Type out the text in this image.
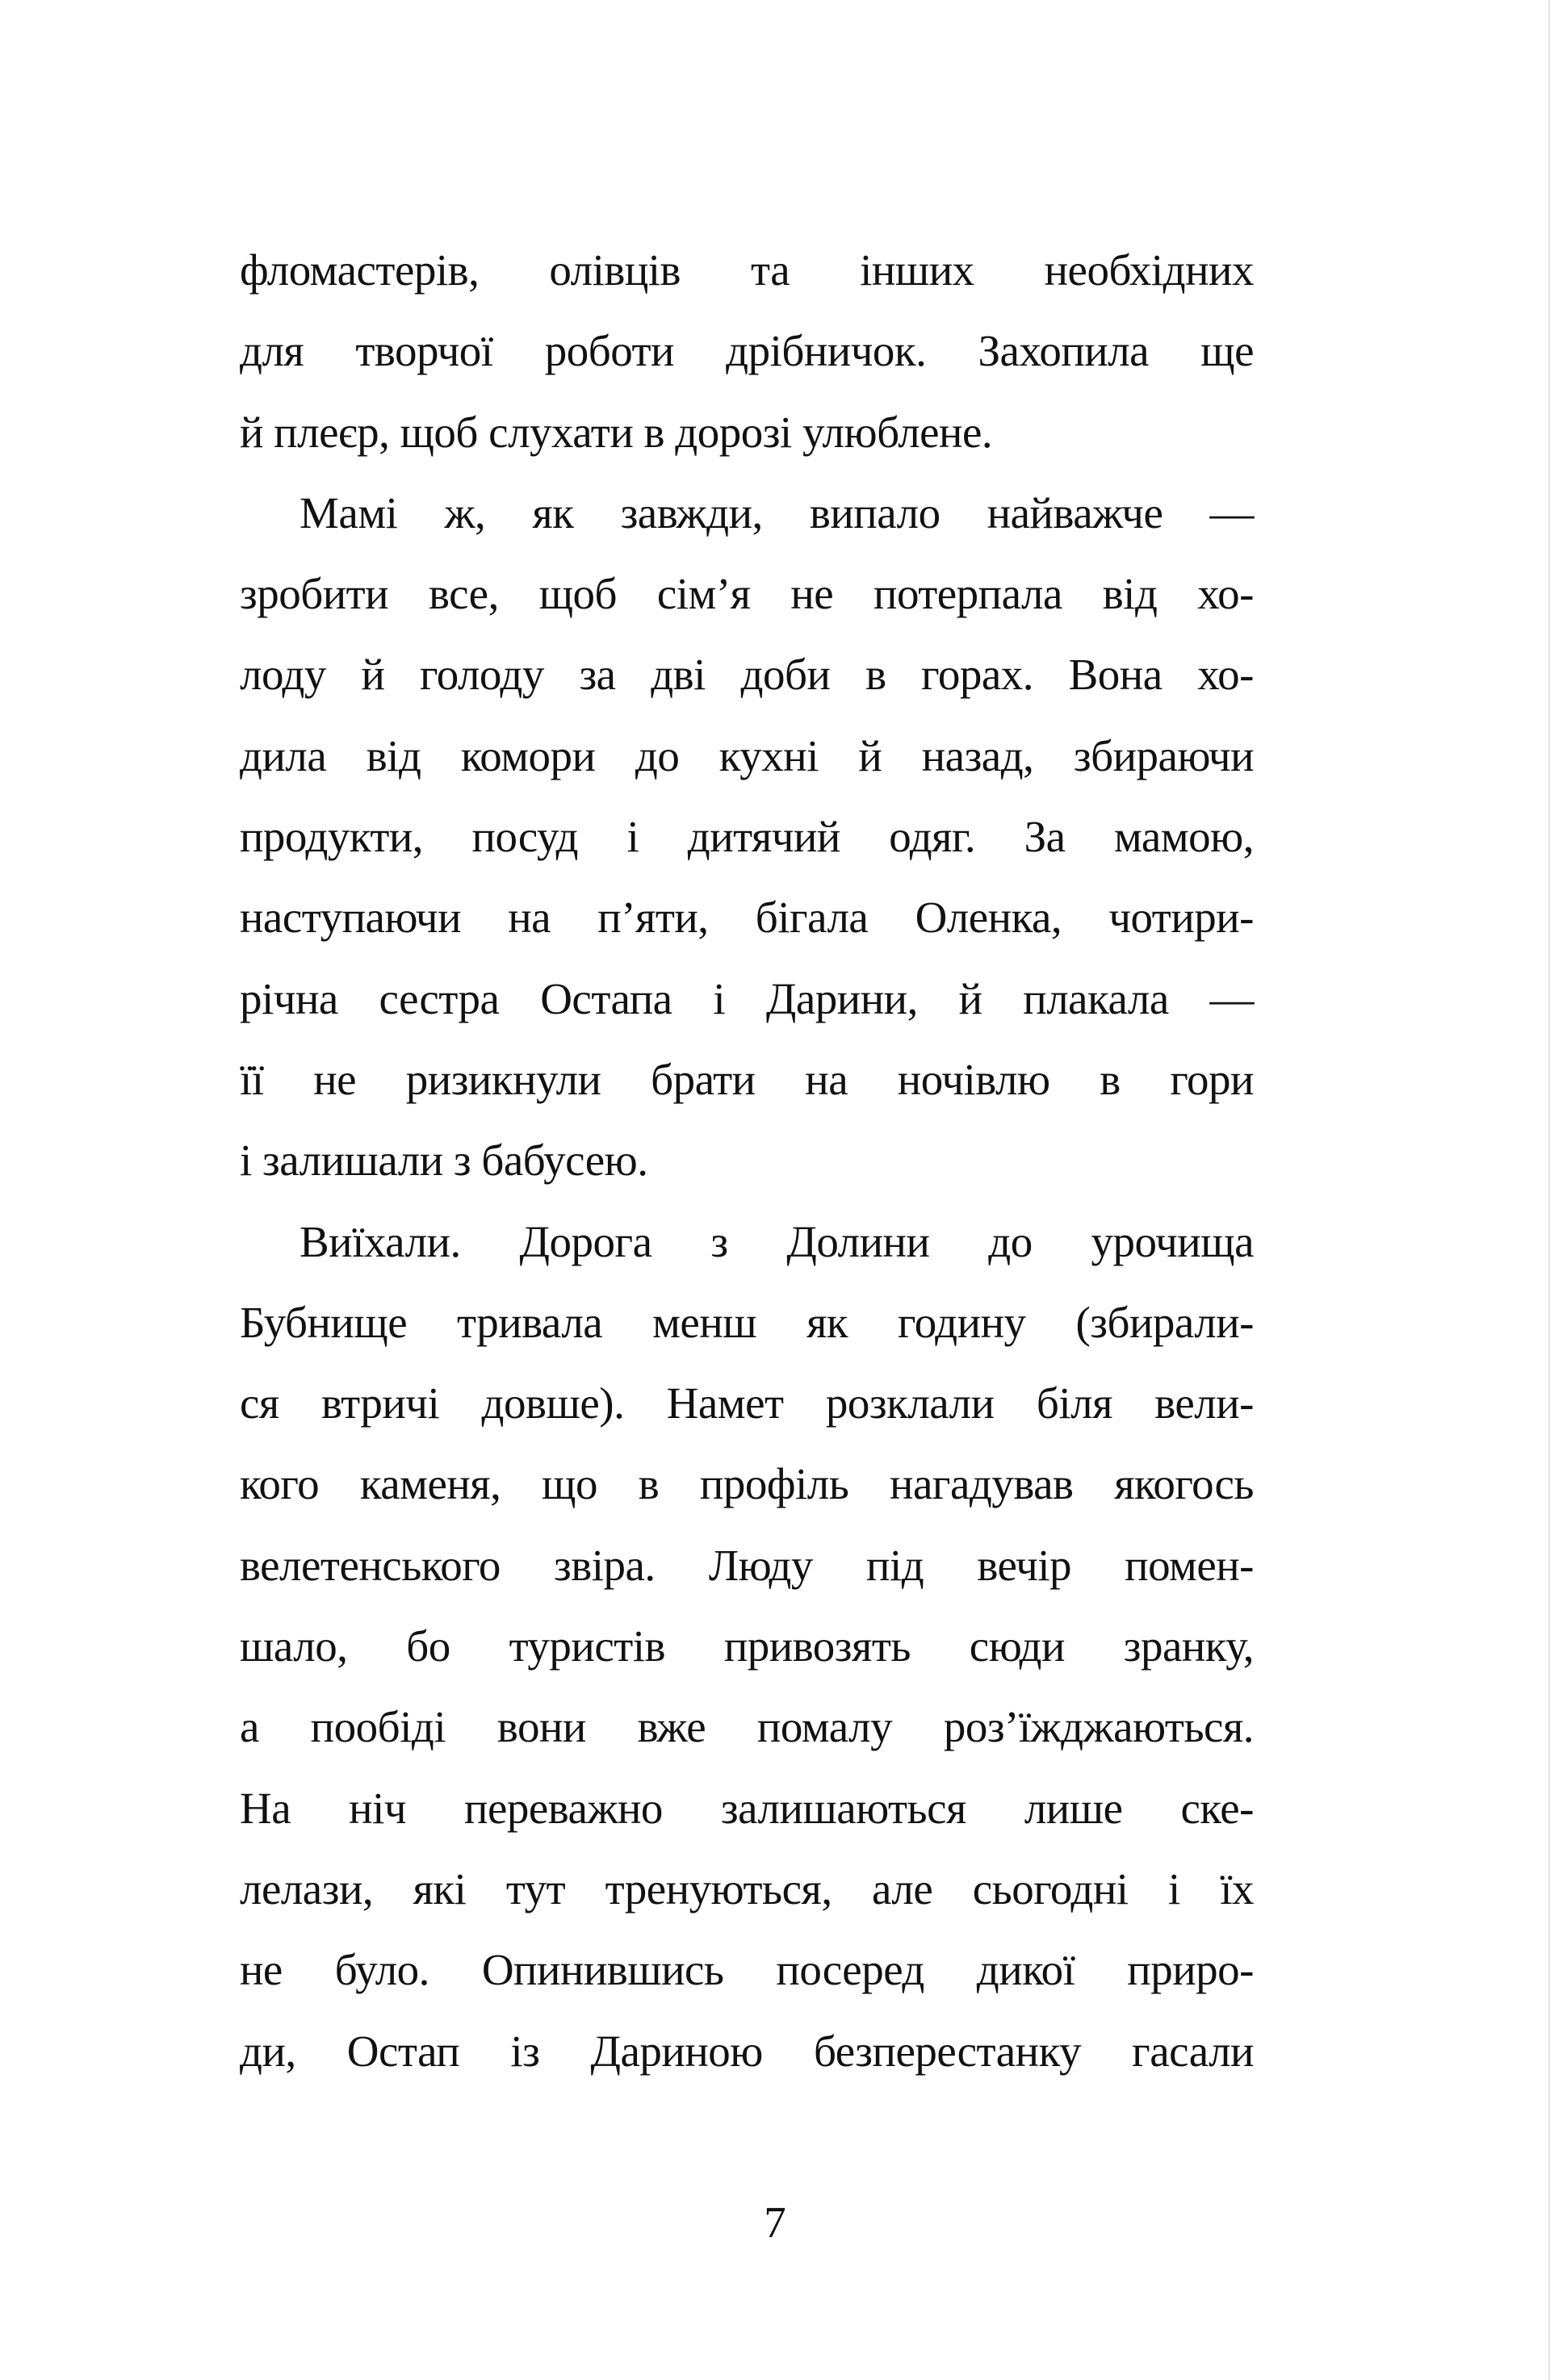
фломастерів, олівців та інших необхідних
для творчої роботи дрібничок. Захопила ще
й плеєр, щоб слухати в дорозі улюблене.
Мамі ж, як завжди, випало найважче —
зробити все, щоб сім’я не потерпала від хо-
лоду й голоду за дві доби в горах. Вона хо-
дила від комори до кухні й назад, збираючи
продукти, посуд і дитячий одяг. За мамою,
наступаючи на п’яти, бігала Оленка, чотири-
річна сестра Остапа і Дарини, й плакала —
її не ризикнули брати на ночівлю в гори
і залишали з бабусею.
Виїхали. Дорога з Долини до урочища
Бубнище тривала менш як годину (збирали-
ся втричі довше). Намет розклали біля вели-
кого каменя, що в профіль нагадував якогось
велетенського звіра. Люду під вечір помен-
шало, бо туристів привозять сюди зранку,
а пообіді вони вже помалу роз’їжджаються.
На ніч переважно залишаються лише ске-
лелази, які тут тренуються, але сьогодні і їх
не було. Опинившись посеред дикої приро-
ди, Остап із Дариною безперестанку гасали
7
